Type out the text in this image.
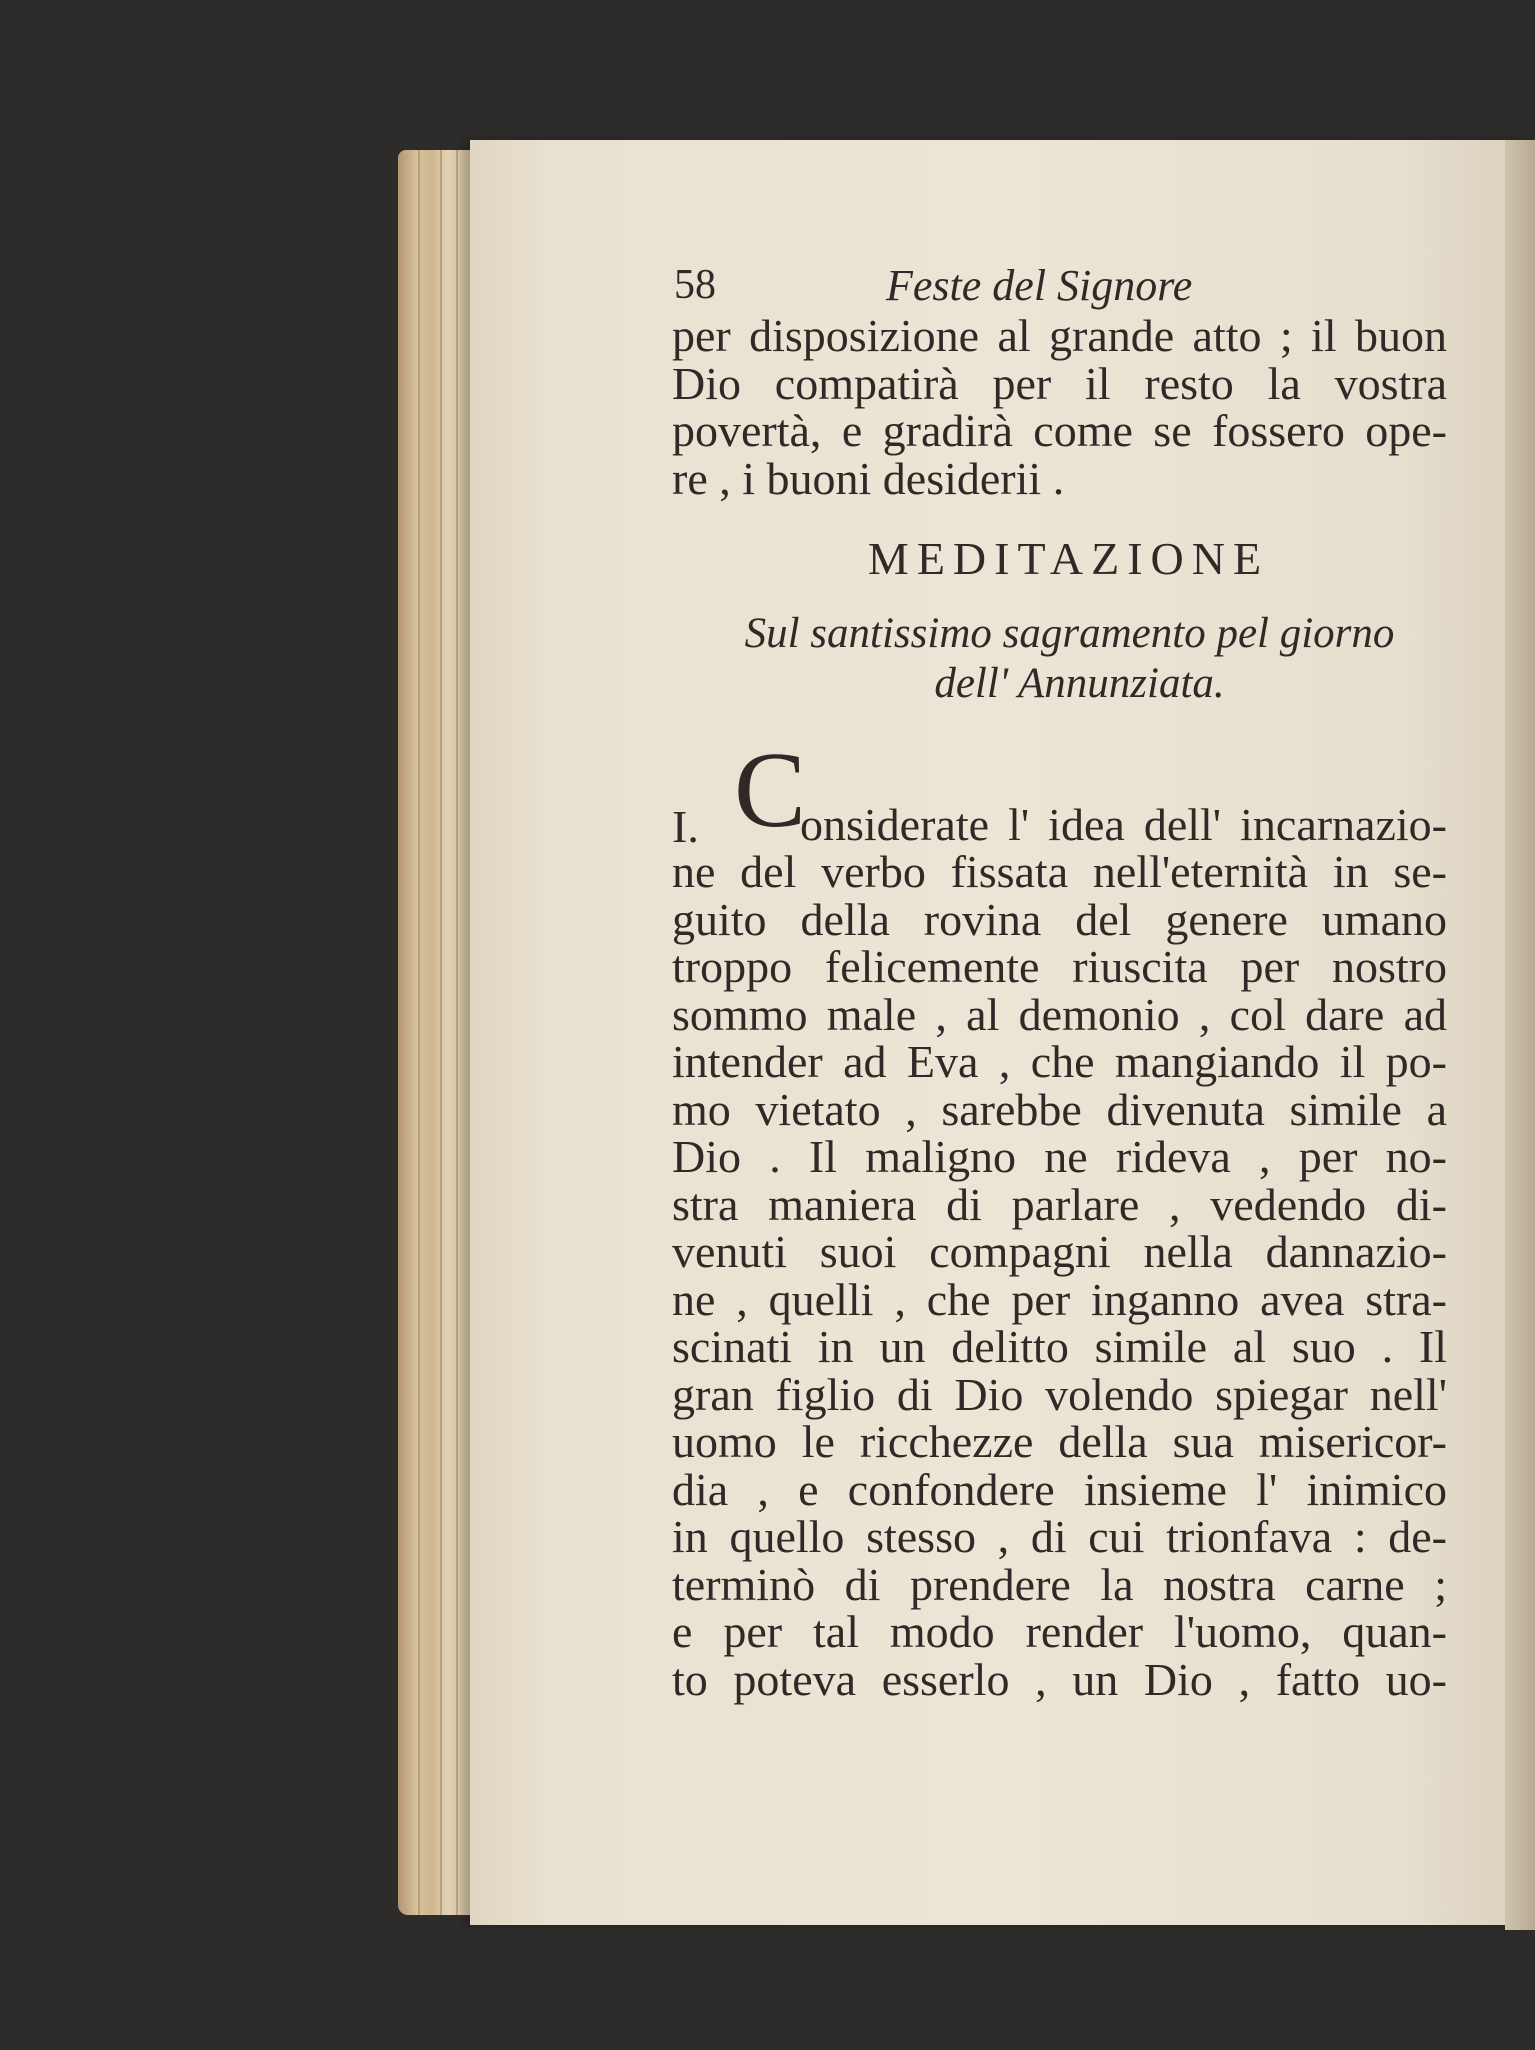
58	Feste del Signore
per disposizione al grande atto ; il buon
Dio compatirà per il resto la vostra
povertà, e gradirà come se fossero ope-
re , i buoni desiderii .
MEDITAZIONE
Sul santissimo sagramento pel giorno
dell' Annunziata.
I. C
onsiderate l' idea dell' incarnazio-
ne del verbo fissata nell'eternità in se-
guito della rovina del genere umano
troppo felicemente riuscita per nostro
sommo male , al demonio , col dare ad
intender ad Eva , che mangiando il po-
mo vietato , sarebbe divenuta simile a
Dio . Il maligno ne rideva , per no-
stra maniera di parlare , vedendo di-
venuti suoi compagni nella dannazio-
ne , quelli , che per inganno avea stra-
scinati in un delitto simile al suo . Il
gran figlio di Dio volendo spiegar nell'
uomo le ricchezze della sua misericor-
dia , e confondere insieme l' inimico
in quello stesso , di cui trionfava : de-
terminò di prendere la nostra carne ;
e per tal modo render l'uomo, quan-
to poteva esserlo , un Dio , fatto uo-
